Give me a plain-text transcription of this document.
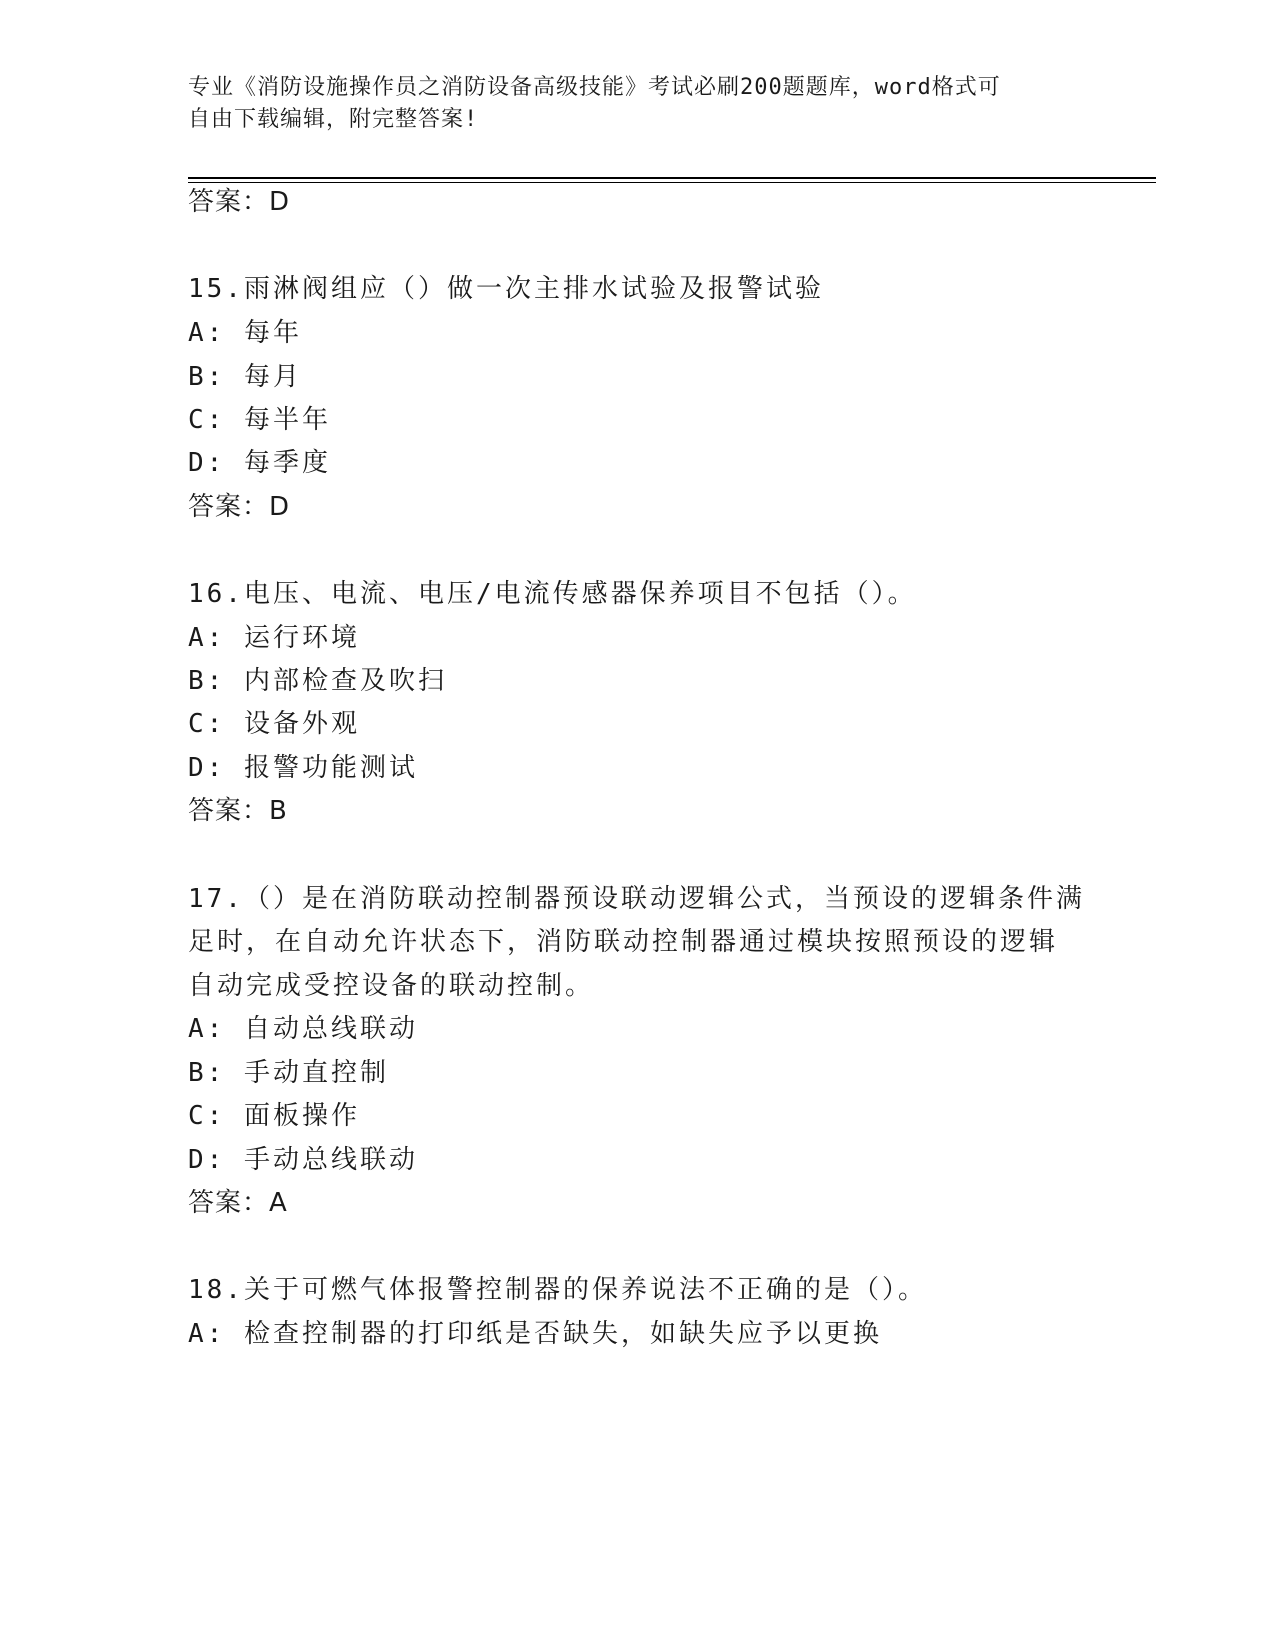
专业《消防设施操作员之消防设备高级技能》考试必刷200题题库，word格式可
自由下载编辑，附完整答案!
答案：D
15.雨淋阀组应（）做一次主排水试验及报警试验
A: 每年
B: 每月
C: 每半年
D: 每季度
答案：D
16.电压、电流、电压/电流传感器保养项目不包括（）。
A: 运行环境
B: 内部检查及吹扫
C: 设备外观
D: 报警功能测试
答案：B
17.（）是在消防联动控制器预设联动逻辑公式，当预设的逻辑条件满
足时，在自动允许状态下，消防联动控制器通过模块按照预设的逻辑
自动完成受控设备的联动控制。
A: 自动总线联动
B: 手动直控制
C: 面板操作
D: 手动总线联动
答案：A
18.关于可燃气体报警控制器的保养说法不正确的是（）。
A: 检查控制器的打印纸是否缺失，如缺失应予以更换
